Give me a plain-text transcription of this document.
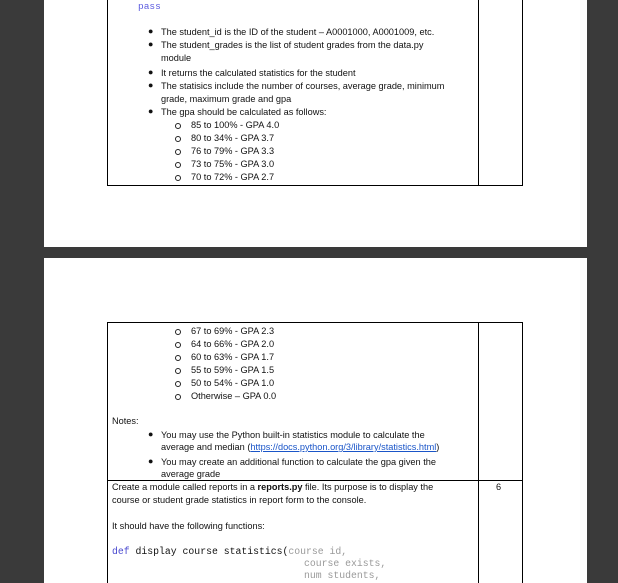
pass
● The student_id is the ID of the student – A0001000, A0001009, etc.
● The student_grades is the list of student grades from the data.py
module
● It returns the calculated statistics for the student
● The statisics include the number of courses, average grade, minimum
grade, maximum grade and gpa
● The gpa should be calculated as follows:
85 to 100% - GPA 4.0
80 to 34% - GPA 3.7
76 to 79% - GPA 3.3
73 to 75% - GPA 3.0
70 to 72% - GPA 2.7
67 to 69% - GPA 2.3
64 to 66% - GPA 2.0
60 to 63% - GPA 1.7
55 to 59% - GPA 1.5
50 to 54% - GPA 1.0
Otherwise – GPA 0.0
Notes:
● You may use the Python built-in statistics module to calculate the
average and median (https://docs.python.org/3/library/statistics.html)
● You may create an additional function to calculate the gpa given the
average grade
Create a module called reports in a reports.py file. Its purpose is to display the
course or student grade statistics in report form to the console.
6
It should have the following functions:
def display course statistics(course id,
course exists,
num students,
